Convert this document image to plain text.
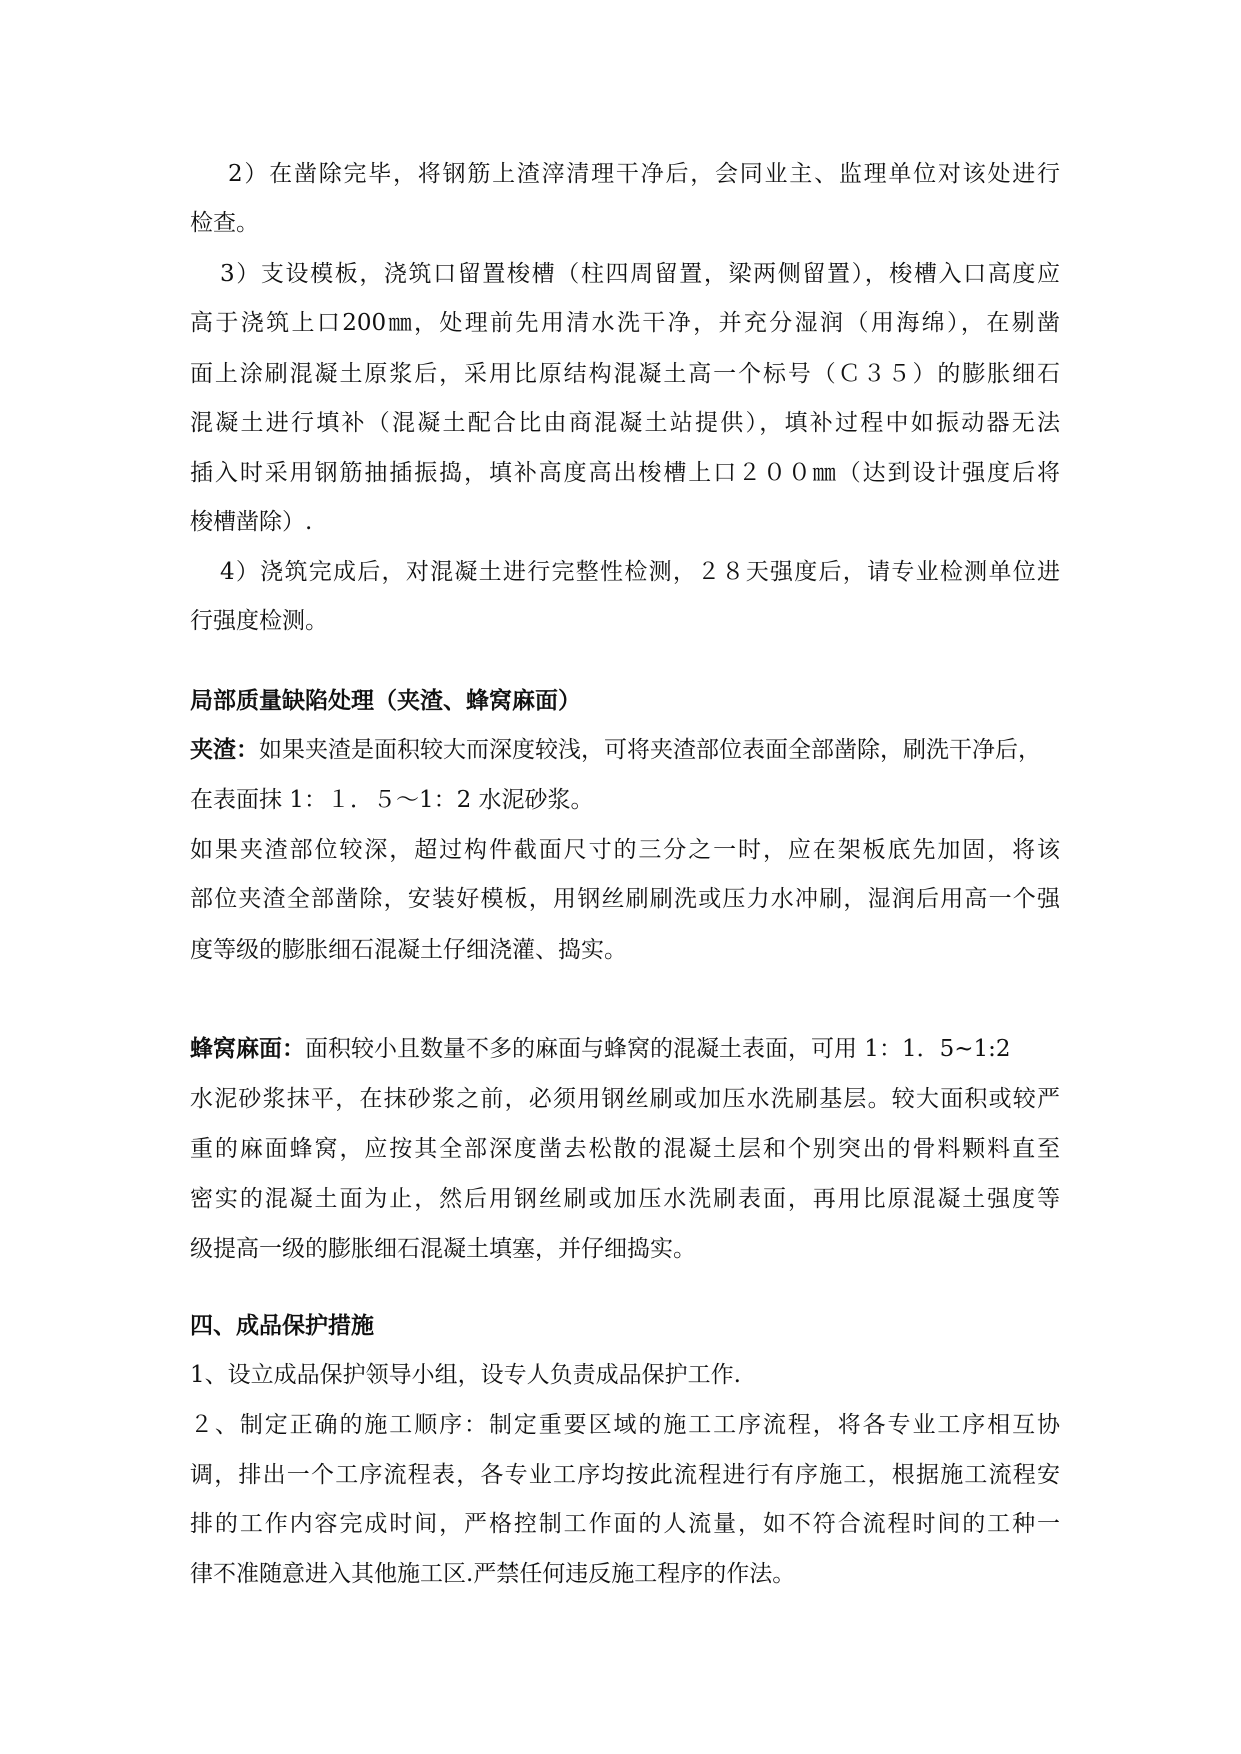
2）在凿除完毕，将钢筋上渣滓清理干净后，会同业主、监理单位对该处进行
检查。
3）支设模板，浇筑口留置梭槽（柱四周留置，梁两侧留置），梭槽入口高度应
高于浇筑上口200㎜，处理前先用清水洗干净，并充分湿润（用海绵），在剔凿
面上涂刷混凝土原浆后，采用比原结构混凝土高一个标号（Ｃ３５）的膨胀细石
混凝土进行填补（混凝土配合比由商混凝土站提供），填补过程中如振动器无法
插入时采用钢筋抽插振捣，填补高度高出梭槽上口２００㎜（达到设计强度后将
梭槽凿除）.
4）浇筑完成后，对混凝土进行完整性检测，２８天强度后，请专业检测单位进
行强度检测。
局部质量缺陷处理（夹渣、蜂窝麻面）
夹渣：如果夹渣是面积较大而深度较浅，可将夹渣部位表面全部凿除，刷洗干净后，
在表面抹 1：１．５～1：2 水泥砂浆。
如果夹渣部位较深，超过构件截面尺寸的三分之一时，应在架板底先加固，将该
部位夹渣全部凿除，安装好模板，用钢丝刷刷洗或压力水冲刷，湿润后用高一个强
度等级的膨胀细石混凝土仔细浇灌、捣实。
蜂窝麻面：面积较小且数量不多的麻面与蜂窝的混凝土表面，可用 1：1．5~1:2
水泥砂浆抹平，在抹砂浆之前，必须用钢丝刷或加压水洗刷基层。较大面积或较严
重的麻面蜂窝，应按其全部深度凿去松散的混凝土层和个别突出的骨料颗料直至
密实的混凝土面为止，然后用钢丝刷或加压水洗刷表面，再用比原混凝土强度等
级提高一级的膨胀细石混凝土填塞，并仔细捣实。
四、成品保护措施
1、设立成品保护领导小组，设专人负责成品保护工作.
２、制定正确的施工顺序：制定重要区域的施工工序流程，将各专业工序相互协
调，排出一个工序流程表，各专业工序均按此流程进行有序施工，根据施工流程安
排的工作内容完成时间，严格控制工作面的人流量，如不符合流程时间的工种一
律不准随意进入其他施工区.严禁任何违反施工程序的作法。
